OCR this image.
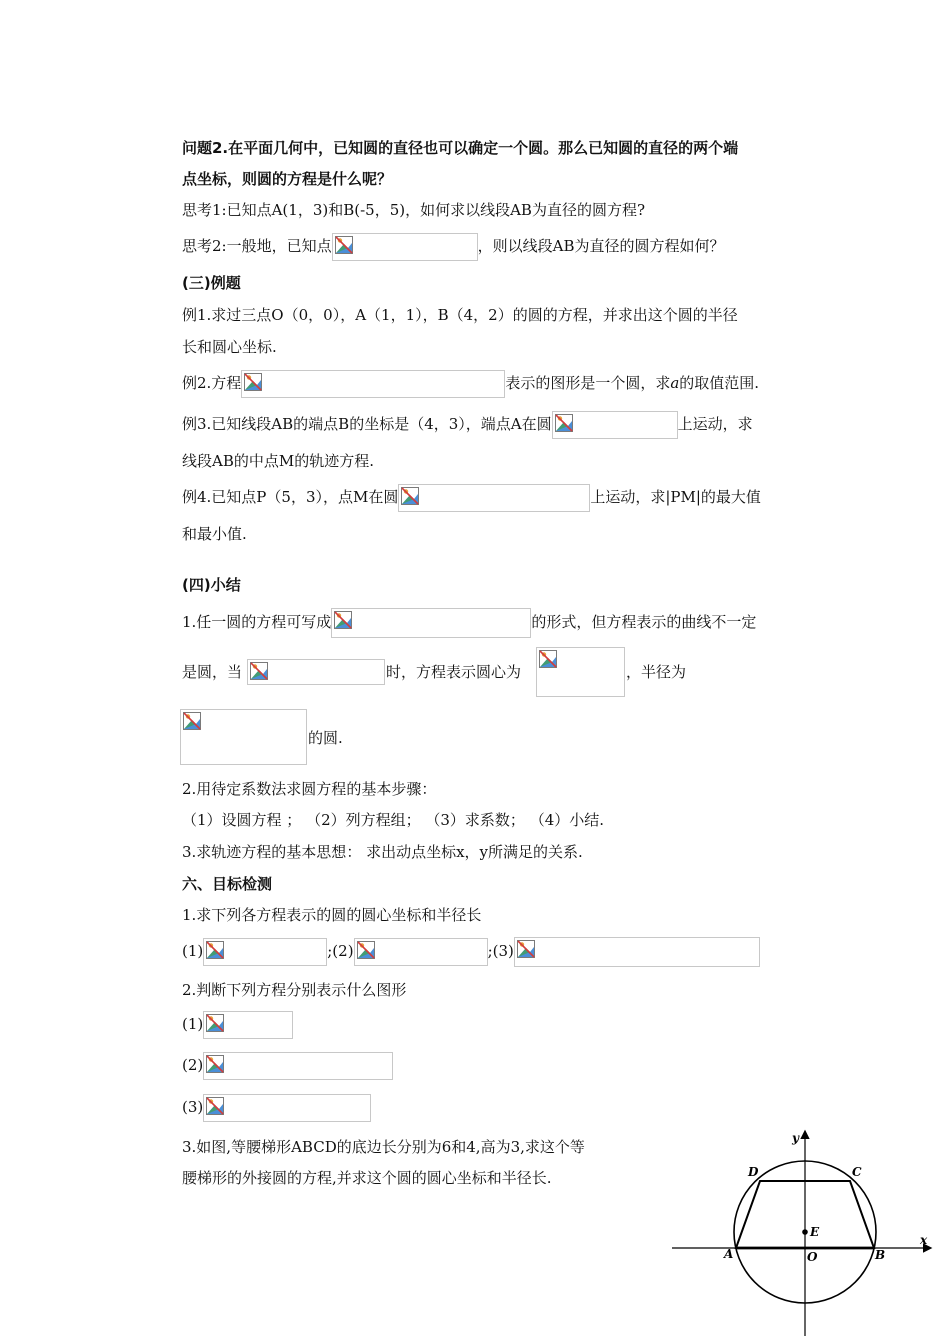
问题2.在平面几何中，已知圆的直径也可以确定一个圆。那么已知圆的直径的两个端
点坐标，则圆的方程是什么呢？
思考1:已知点A(1，3)和B(-5，5)，如何求以线段AB为直径的圆方程?
思考2:一般地，已知点	，则以线段AB为直径的圆方程如何？
(三)例题
例1.求过三点O（0，0），A（1，1），B（4，2）的圆的方程，并求出这个圆的半径
长和圆心坐标.
例2.方程	表示的图形是一个圆，求a的取值范围.
例3.已知线段AB的端点B的坐标是（4，3），端点A在圆	上运动，求
线段AB的中点M的轨迹方程.
例4.已知点P（5，3），点M在圆	上运动，求|PM|的最大值
和最小值.
(四)小结
1.任一圆的方程可写成	的形式，但方程表示的曲线不一定
是圆，当	时，方程表示圆心为	，半径为
的圆.
2.用待定系数法求圆方程的基本步骤：
（1）设圆方程 ； （2）列方程组； （3）求系数； （4）小结.
3.求轨迹方程的基本思想： 求出动点坐标x，y所满足的关系.
六、目标检测
1.求下列各方程表示的圆的圆心坐标和半径长
(1)	;(2)	;(3)
2.判断下列方程分别表示什么图形
(1)
(2)
(3)
3.如图,等腰梯形ABCD的底边长分别为6和4,高为3,求这个等
腰梯形的外接圆的方程,并求这个圆的圆心坐标和半径长.
y
x
D	C
E
A	O	B
